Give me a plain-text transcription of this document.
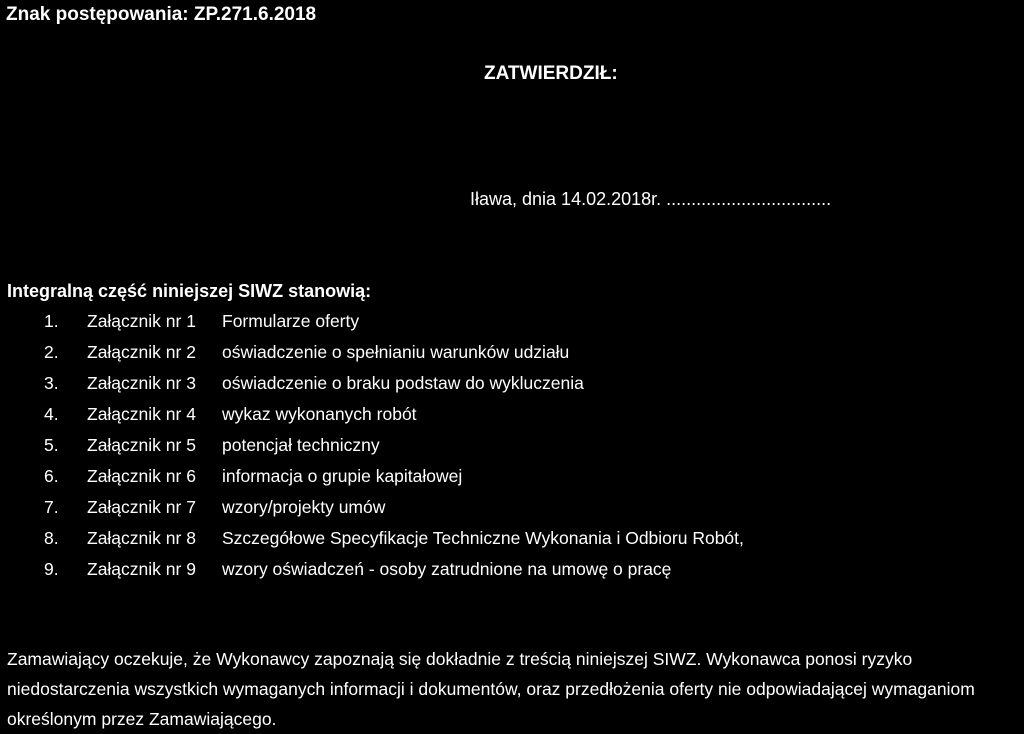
Znak postępowania: ZP.271.6.2018
ZATWIERDZIŁ:
Iława, dnia 14.02.2018r. .................................
Integralną część niniejszej SIWZ stanowią:
1. Załącznik nr 1 Formularze oferty
2. Załącznik nr 2 oświadczenie o spełnianiu warunków udziału
3. Załącznik nr 3 oświadczenie o braku podstaw do wykluczenia
4. Załącznik nr 4 wykaz wykonanych robót
5. Załącznik nr 5 potencjał techniczny
6. Załącznik nr 6 informacja o grupie kapitałowej
7. Załącznik nr 7 wzory/projekty umów
8. Załącznik nr 8 Szczegółowe Specyfikacje Techniczne Wykonania i Odbioru Robót,
9. Załącznik nr 9 wzory oświadczeń - osoby zatrudnione na umowę o pracę
Zamawiający oczekuje, że Wykonawcy zapoznają się dokładnie z treścią niniejszej SIWZ. Wykonawca ponosi ryzyko niedostarczenia wszystkich wymaganych informacji i dokumentów, oraz przedłożenia oferty nie odpowiadającej wymaganiom określonym przez Zamawiającego.
